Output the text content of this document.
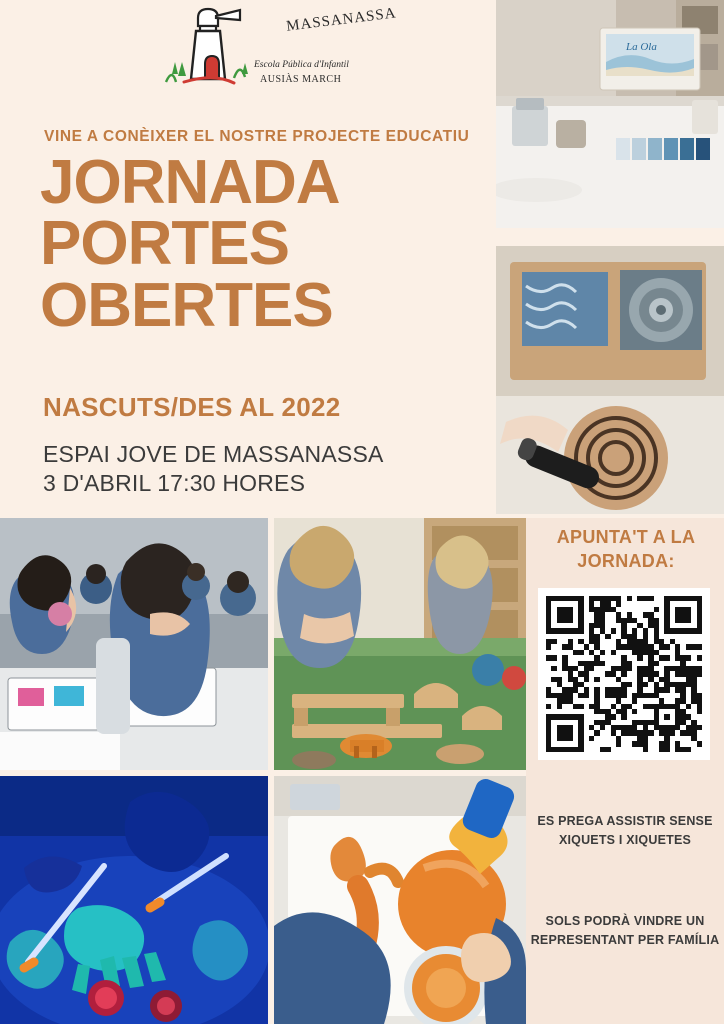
MASSANASSA
Escola Pública d'Infantil
AUSIÀS MARCH
VINE A CONÈIXER EL NOSTRE PROJECTE EDUCATIU
JORNADA
PORTES
OBERTES
NASCUTS/DES AL 2022
ESPAI JOVE DE MASSANASSA
3 D'ABRIL 17:30 HORES
La Ola
APUNTA'T A LA JORNADA:
ES PREGA ASSISTIR SENSE XIQUETS I XIQUETES
SOLS PODRÀ VINDRE UN REPRESENTANT PER FAMÍLIA
